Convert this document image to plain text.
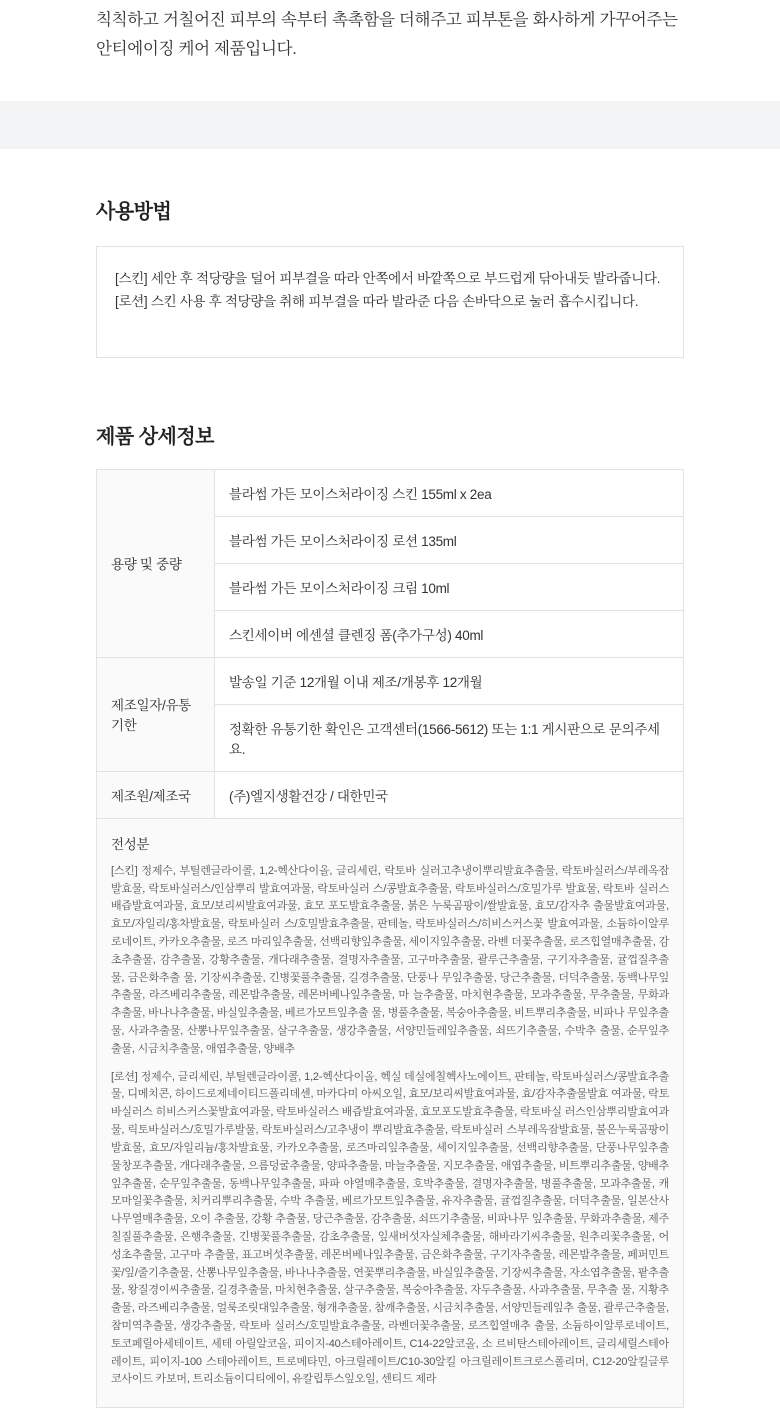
칙칙하고 거칠어진 피부의 속부터 촉촉함을 더해주고 피부톤을 화사하게 가꾸어주는 안티에이징 케어 제품입니다.

사용방법

[스킨] 세안 후 적당량을 덜어 피부결을 따라 안쪽에서 바깥쪽으로 부드럽게 닦아내듯 발라줍니다.

[로션] 스킨 사용 후 적당량을 취해 피부결을 따라 발라준 다음 손바닥으로 눌러 흡수시킵니다.

제품 상세정보
용량 및 중량	블라썸 가든 모이스처라이징 스킨 155ml x 2ea
	블라썸 가든 모이스처라이징 로션 135ml
	블라썸 가든 모이스처라이징 크림 10ml
	스킨세이버 에센셜 클렌징 폼(추가구성) 40ml
제조일자/유통기한	발송일 기준 12개월 이내 제조/개봉후 12개월
	정확한 유통기한 확인은 고객센터(1566-5612) 또는 1:1 게시판으로 문의주세요.
제조원/제조국	(주)엘지생활건강 / 대한민국

전성분

[스킨] 정제수, 부틸렌글라이콜, 1,2-헥산다이올, 글리세린, 락토바 실러고추냉이뿌리발효추출물, 락토바실러스/부레옥잠 발효물, 락토바실러스/인삼뿌리 발효여과물, 락토바실러 스/콩발효추출물, 락토바실러스/호밀가루 발효물, 락토바 실러스 배즙발효여과물, 효모/보리씨발효여과물, 효모 포도발효추출물, 붉은 누룩곰팡이/쌀발효물, 효모/감자추 출물발효여과물, 효모/자일리/홍차발효물, 락토바실러 스/호밀발효추출물, 판테놀, 락토바실러스/히비스커스꽃 발효여과물, 소듐하이알루로네이트, 카카오추출물, 로즈 마리잎추출물, 선백리향잎추출물, 세이지잎추출물, 라벤 더꽃추출물, 로즈힙열매추출물, 감초추출물, 감추출물, 강황추출물, 개다래추출물, 결명자추출물, 고구마추출물, 괄루근추출물, 구기자추출물, 귤껍질추출물, 금은화추출 물, 기장씨추출물, 긴병꽃풀추출물, 길경추출물, 단풍나 무잎추출물, 당근추출물, 더덕추출물, 동백나무잎추출물, 라즈베리추출물, 레몬밤추출물, 레몬버베나잎추출물, 마 늘추출물, 마치현추출물, 모과추출물, 무추출물, 무화과 추출물, 바나나추출물, 바실잎추출물, 베르가모트잎추출 물, 병풀추출물, 복숭아추출물, 비트뿌리추출물, 비파나 무잎추출물, 사과추출물, 산뽕나무잎추출물, 살구추출물, 생강추출물, 서양민들레잎추출물, 쇠뜨기추출물, 수박추 출물, 순무잎추출물, 시금치추출물, 애엽추출물, 양배추

[로션] 정제수, 글리세린, 부틸렌글라이콜, 1,2-헥산다이올, 헥실 데실에칠헥사노에이트, 판테놀, 락토바실러스/콩발효추출물, 디메치콘, 하이드로제네이티드폴리데센, 마카다미 아씨오일, 효모/보리씨발효여과물, 효/감자추출물발효 여과물, 락토바실러스 히비스커스꽃발효여과물, 락토바실러스 배즙발효여과물, 효모포도발효추출물, 락토바실 러스인삼뿌리발효여과물, 릭토바실러스/호밀가루발물, 락토바실러스/고추냉이 뿌리발효추출물, 락토바실러 스부레옥잠발효물, 불은누룩곰팡이 발효물, 효모/자일리늄/홍차발효물, 카카오추출물, 로즈마리잎추출물, 세이지잎추출물, 선백리향추출물, 단풍나무잎추출물창포추출물, 개다래추출물, 으름덩굴추출물, 양파추출물, 마늘추출물, 지모추출물, 애엽추출물, 비트뿌리추출물, 양배추잎추출물, 순무잎추출물, 동백나무잎추출물, 파파 야열매추출물, 호박추출물, 결명자추출물, 병풀추출물, 모과추출물, 캐모마일꽃추출물, 치커리뿌리추출물, 수박 추출물, 베르가모트잎추출물, 유자추출물, 귤껍질추출물, 더덕추출물, 일본산사나무열매추출물, 오이 추출물, 강황 추출물, 당근추출물, 감추출물, 쇠뜨기추출물, 비파나무 잎추출물, 무화과추출물, 제주칠질풀추출물, 은행추출물, 긴병꽃풀추출물, 감초추출물, 잎새버섯자실체추출물, 해바라기씨추출물, 원추리꽃추출물, 어성초추출물, 고구마 추출물, 표고버섯추출물, 레몬버베나잎추출물, 금은화추출물, 구기자추출물, 레몬밤추출물, 페퍼민트꽃/잎/줄기추출물, 산뽕나무잎추출물, 바나나추출물, 연꽃뿌리추출물, 바실잎추출물, 기장씨추출물, 자소엽추출물, 팥추출물, 왕질경이씨추출물, 길경추출물, 마치현추출물, 살구추출물, 복숭아추출물, 자두추출물, 사과추출물, 무추출 물, 지황추출물, 라즈베리추출물, 얼룩조릿대잎추출물, 형개추출물, 참깨추출물, 시금치추출물, 서양민들레잎추 출물, 괄루근추출물, 참미역추출물, 생강추출물, 락토바 실러스/호밀발효추출물, 라벤더꽃추출물, 로즈힙열매추 출물, 소듐하이알루로네이트, 토코페릴아세테이트, 세테 아릴알코올, 피이지-40스테아레이트, C14-22알코올, 소 르비탄스테아레이트, 글리세릴스테아레이트, 피이지-100 스테아레이트, 트로메타민, 아크릴레이트/C10-30알킬 아크릴레이트크로스폴리머, C12-20알킬글루코사이드 카보머, 트리소듐이디티에이, 유칼립투스잎오일, 센티드 제라
